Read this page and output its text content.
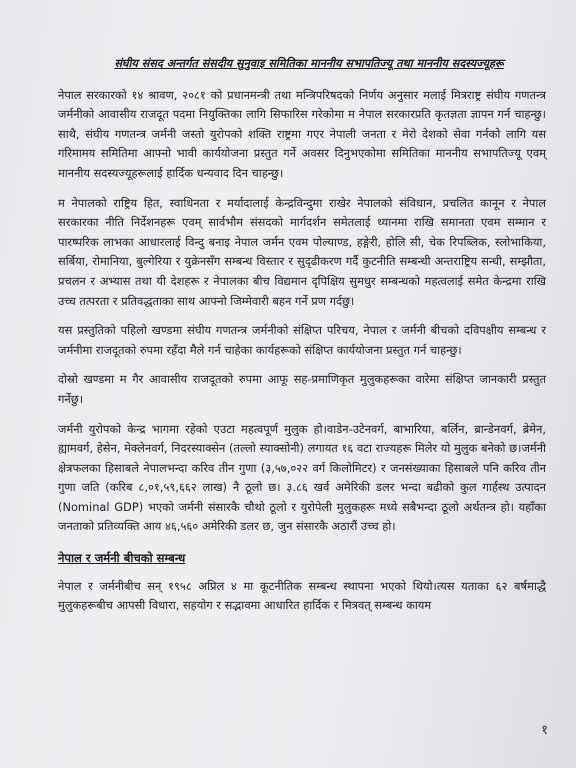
संघीय संसद अन्तर्गत संसदीय सुनुवाइ समितिका माननीय सभापतिज्यू तथा माननीय सदस्यज्यूहरू

नेपाल सरकारको १४ श्रावण, २०८१ को प्रधानमन्त्री तथा मन्त्रिपरिषदको निर्णय अनुसार मलाई मित्रराष्ट्र संघीय गणतन्त्र जर्मनीको आवासीय राजदूत पदमा नियुक्तिका लागि सिफारिस गरेकोमा म नेपाल सरकारप्रति कृतज्ञता ज्ञापन गर्न चाहन्छु। साथै, संघीय गणतन्त्र जर्मनी जस्तो युरोपको शक्ति राष्ट्रमा गएर नेपाली जनता र मेरो देशको सेवा गर्नको लागि यस गरिमामय समितिमा आफ्नो भावी कार्ययोजना प्रस्तुत गर्ने अवसर दिनुभएकोमा समितिका माननीय सभापतिज्यू एवम् माननीय सदस्यज्यूहरूलाई हार्दिक धन्यवाद दिन चाहन्छु।

म नेपालको राष्ट्रिय हित, स्वाधिनता र मर्यादालाई केन्द्रविन्दुमा राखेर नेपालको संविधान, प्रचलित कानून र नेपाल सरकारका नीति निर्देशनहरू एवम् सार्वभौम संसदको मार्गदर्शन समेतलाई ध्यानमा राखि समानता एवम सम्मान र पारष्परिक लाभका आधारलाई विन्दु बनाइ नेपाल जर्मन एवम पोल्याण्ड, हङ्गेरी, होलि सी, चेक रिपब्लिक, स्लोभाकिया, सर्बिया, रोमानिया, बुल्गेरिया र युक्रेनसँग सम्बन्ध विस्तार र सुदृढीकरण गर्दै कुटनीति सम्बन्धी अन्तराष्ट्रिय सन्धी, सम्झौता, प्रचलन र अभ्यास तथा यी देशहरू र नेपालका बीच विद्यमान दृपिक्षिय सुमधुर सम्बन्धको महत्वलाई समेत केन्द्रमा राखि उच्च तत्परता र प्रतिवद्धताका साथ आफ्नो जिम्मेवारी बहन गर्ने प्रण गर्दछु।

यस प्रस्तुतिको पहिलो खण्डमा संघीय गणतन्त्र जर्मनीको संक्षिप्त परिचय, नेपाल र जर्मनी बीचको दविपक्षीय सम्बन्ध र जर्मनीमा राजदूतको रुपमा रहँदा मैले गर्न चाहेका कार्यहरूको संक्षिप्त कार्ययोजना प्रस्तुत गर्न चाहन्छु।

दोस्रो खण्डमा म गैर आवासीय राजदूतको रुपमा आफू सह-प्रमाणिकृत मुलुकहरूका वारेमा संक्षिप्त जानकारी प्रस्तुत गर्नेछु।

जर्मनी युरोपको केन्द्र भागमा रहेको एउटा महत्वपूर्ण मुलुक हो।वाडेन-उटेनवर्ग, बाभारिया, बर्लिन, ब्रान्डेनवर्ग, ब्रेमेन, ह्यामवर्ग, हेसेन, मेक्लेनवर्ग, निदरस्याक्सेन (तल्लो स्याक्सोनी) लगायत १६ वटा राज्यहरू मिलेर यो मुलुक बनेको छ।जर्मनी क्षेत्रफलका हिसाबले नेपालभन्दा करिव तीन गुणा (३,५७,०२२ वर्ग किलोमिटर) र जनसंख्याका हिसाबले पनि करिव तीन गुणा जति (करिब ८,०१,५९,६६२ लाख) नै ठूलो छ। ३.८६ खर्व अमेरिकी डलर भन्दा बढीको कुल गार्हस्थ उत्पादन (Nominal GDP) भएको जर्मनी संसारकै चौथो ठूलो र युरोपेली मुलुकहरू मध्ये सबैभन्दा ठूलो अर्थतन्त्र हो। यहाँका जनताको प्रतिव्यक्ति आय ४६,५६० अमेरिकी डलर छ, जुन संसारकै अठारौं उच्च हो।

नेपाल र जर्मनी बीचको सम्बन्ध

नेपाल र जर्मनीबीच सन् १९५८ अप्रिल ४ मा कूटनीतिक सम्बन्ध स्थापना भएको थियो।त्यस यताका ६२ बर्षमाद्धै मुलुकहरूबीच आपसी विधारा, सहयोग र सद्भावमा आधारित हार्दिक र मित्रवत् सम्बन्ध कायम

१
